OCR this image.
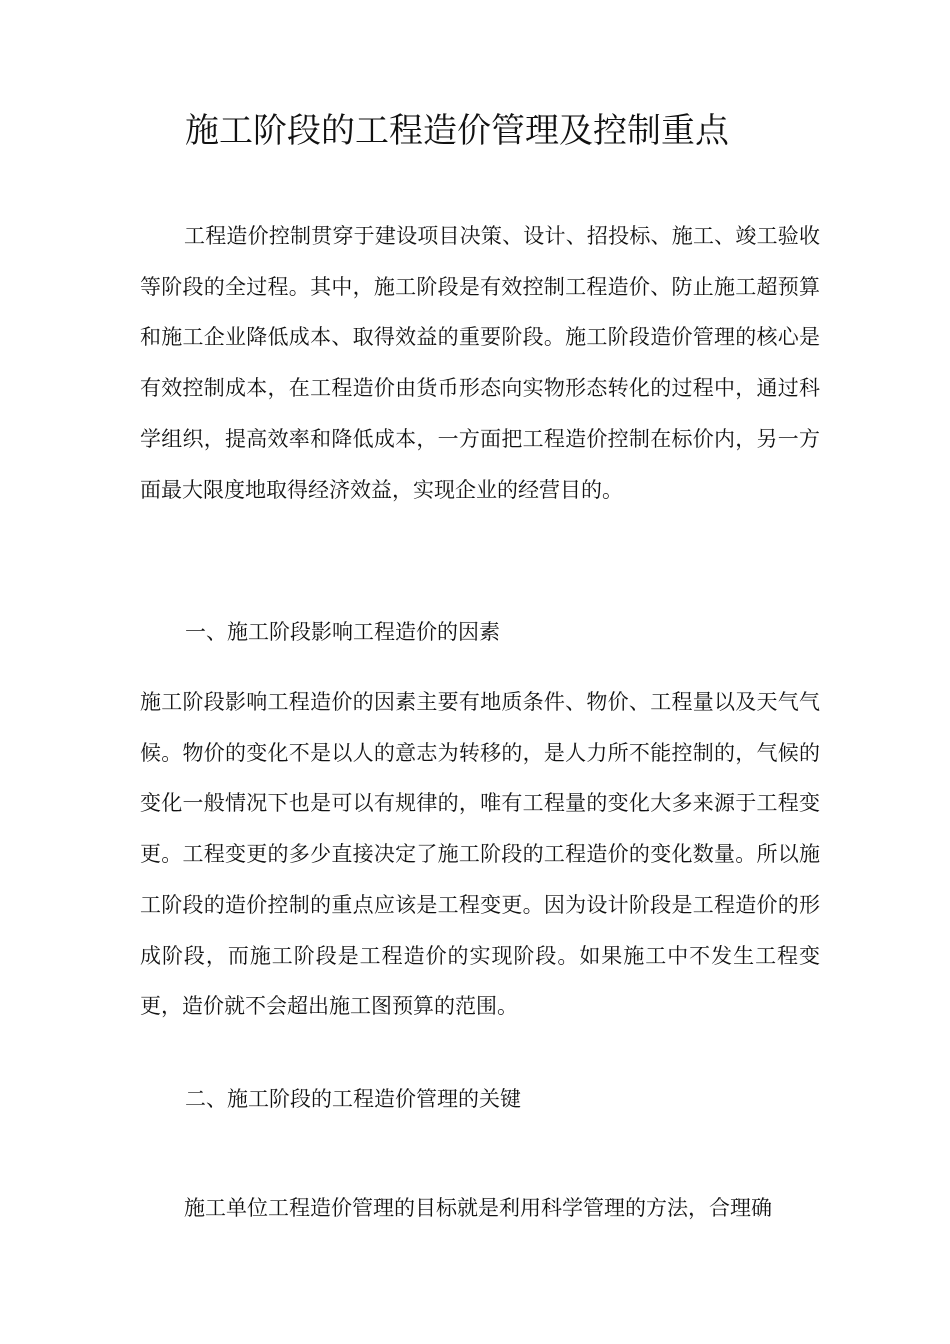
施工阶段的工程造价管理及控制重点
工程造价控制贯穿于建设项目决策、设计、招投标、施工、竣工验收等阶段的全过程。其中，施工阶段是有效控制工程造价、防止施工超预算和施工企业降低成本、取得效益的重要阶段。施工阶段造价管理的核心是有效控制成本，在工程造价由货币形态向实物形态转化的过程中，通过科学组织，提高效率和降低成本，一方面把工程造价控制在标价内，另一方面最大限度地取得经济效益，实现企业的经营目的。
一、施工阶段影响工程造价的因素
施工阶段影响工程造价的因素主要有地质条件、物价、工程量以及天气气候。物价的变化不是以人的意志为转移的，是人力所不能控制的，气候的变化一般情况下也是可以有规律的，唯有工程量的变化大多来源于工程变更。工程变更的多少直接决定了施工阶段的工程造价的变化数量。所以施工阶段的造价控制的重点应该是工程变更。因为设计阶段是工程造价的形成阶段，而施工阶段是工程造价的实现阶段。如果施工中不发生工程变更，造价就不会超出施工图预算的范围。
二、施工阶段的工程造价管理的关键
施工单位工程造价管理的目标就是利用科学管理的方法，合理确
